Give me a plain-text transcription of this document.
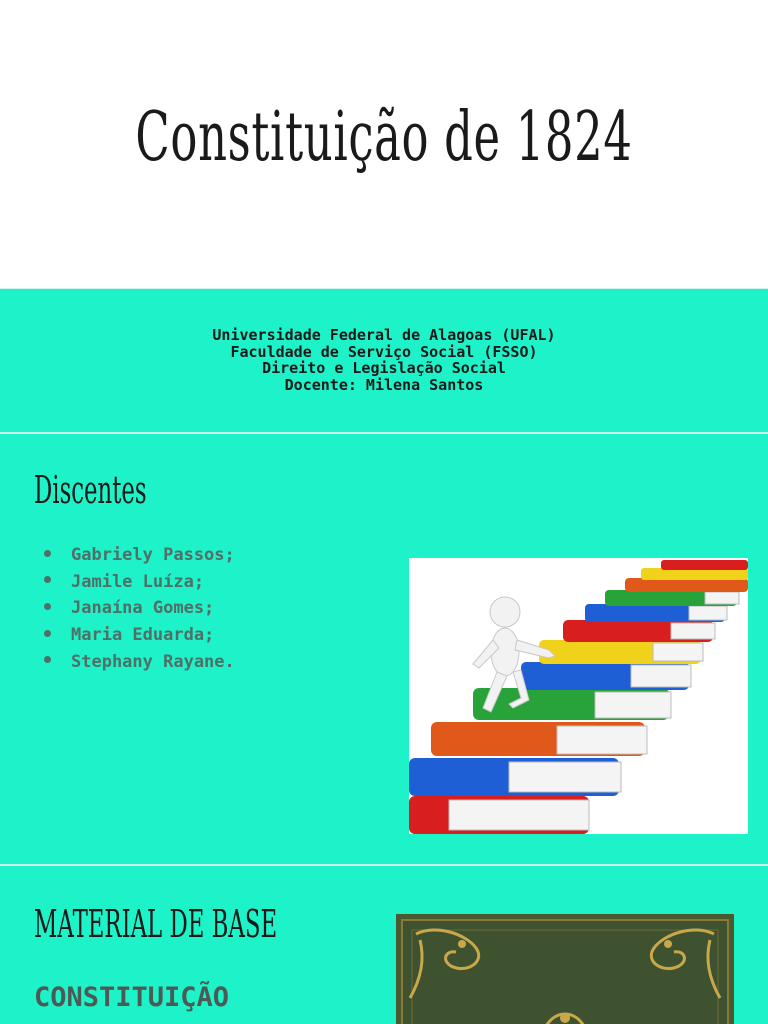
Constituição de 1824
Universidade Federal de Alagoas (UFAL)
Faculdade de Serviço Social (FSSO)
Direito e Legislação Social
Docente: Milena Santos
Discentes
Gabriely Passos;
Jamile Luíza;
Janaína Gomes;
Maria Eduarda;
Stephany Rayane.
MATERIAL DE BASE
CONSTITUIÇÃO
